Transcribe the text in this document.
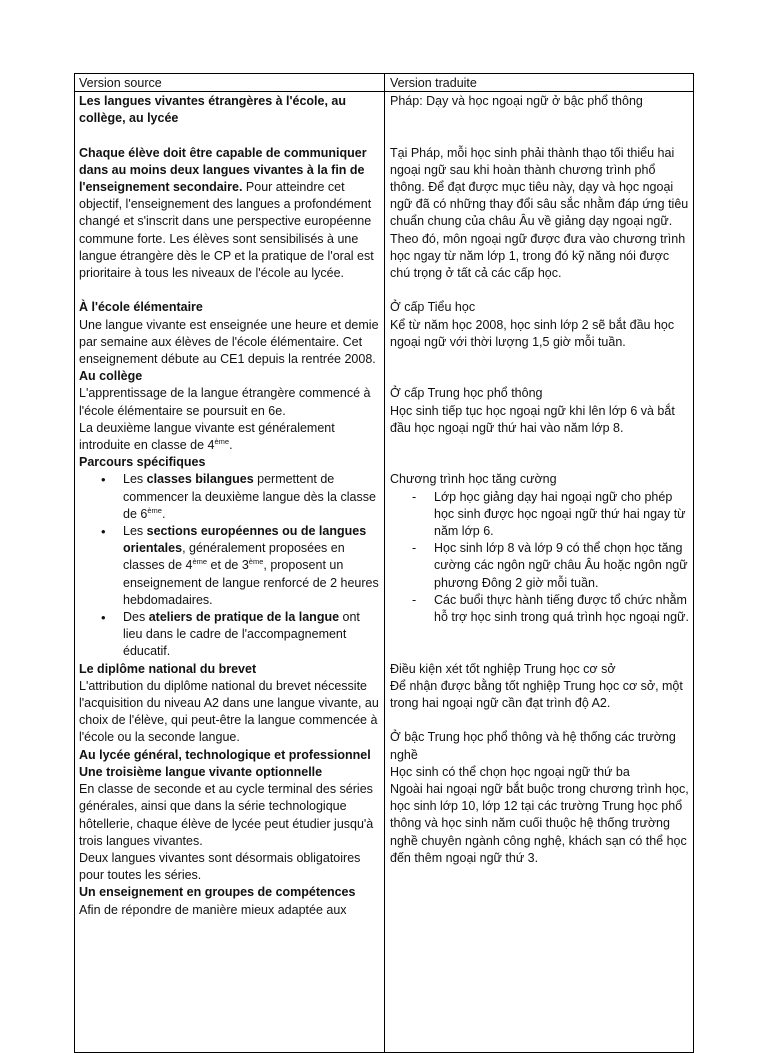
Version source	Version traduite

Les langues vivantes étrangères à l'école, au collège, au lycée

Chaque élève doit être capable de communiquer dans au moins deux langues vivantes à la fin de l'enseignement secondaire. Pour atteindre cet objectif, l'enseignement des langues a profondément changé et s'inscrit dans une perspective européenne commune forte. Les élèves sont sensibilisés à une langue étrangère dès le CP et la pratique de l'oral est prioritaire à tous les niveaux de l'école au lycée.

À l'école élémentaire

Une langue vivante est enseignée une heure et demie par semaine aux élèves de l'école élémentaire. Cet enseignement débute au CE1 depuis la rentrée 2008.

Au collège

L'apprentissage de la langue étrangère commencé à l'école élémentaire se poursuit en 6e.

La deuxième langue vivante est généralement introduite en classe de 4ème.

Parcours spécifiques

• Les classes bilangues permettent de commencer la deuxième langue dès la classe de 6ème.
• Les sections européennes ou de langues orientales, généralement proposées en classes de 4ème et de 3ème, proposent un enseignement de langue renforcé de 2 heures hebdomadaires.
• Des ateliers de pratique de la langue ont lieu dans le cadre de l'accompagnement éducatif.

Le diplôme national du brevet

L'attribution du diplôme national du brevet nécessite l'acquisition du niveau A2 dans une langue vivante, au choix de l'élève, qui peut-être la langue commencée à l'école ou la seconde langue.

Au lycée général, technologique et professionnel

Une troisième langue vivante optionnelle

En classe de seconde et au cycle terminal des séries générales, ainsi que dans la série technologique hôtellerie, chaque élève de lycée peut étudier jusqu'à trois langues vivantes.

Deux langues vivantes sont désormais obligatoires pour toutes les séries.

Un enseignement en groupes de compétences

Afin de répondre de manière mieux adaptée aux

Pháp: Dạy và học ngoại ngữ ở bậc phổ thông

Tại Pháp, mỗi học sinh phải thành thạo tối thiểu hai ngoại ngữ sau khi hoàn thành chương trình phổ thông. Để đạt được mục tiêu này, dạy và học ngoại ngữ đã có những thay đổi sâu sắc nhằm đáp ứng tiêu chuẩn chung của châu Âu về giảng dạy ngoại ngữ. Theo đó, môn ngoại ngữ được đưa vào chương trình học ngay từ năm lớp 1, trong đó kỹ năng nói được chú trọng ở tất cả các cấp học.

Ở cấp Tiểu học

Kể từ năm học 2008, học sinh lớp 2 sẽ bắt đầu học ngoại ngữ với thời lượng 1,5 giờ mỗi tuần.

Ở cấp Trung học phổ thông

Học sinh tiếp tục học ngoại ngữ khi lên lớp 6 và bắt đầu học ngoại ngữ thứ hai vào năm lớp 8.

Chương trình học tăng cường

- Lớp học giảng dạy hai ngoại ngữ cho phép học sinh được học ngoại ngữ thứ hai ngay từ năm lớp 6.
- Học sinh lớp 8 và lớp 9 có thể chọn học tăng cường các ngôn ngữ châu Âu hoặc ngôn ngữ phương Đông 2 giờ mỗi tuần.
- Các buổi thực hành tiếng được tổ chức nhằm hỗ trợ học sinh trong quá trình học ngoại ngữ.

Điều kiện xét tốt nghiệp Trung học cơ sở

Để nhận được bằng tốt nghiệp Trung học cơ sở, một trong hai ngoại ngữ cần đạt trình độ A2.

Ở bậc Trung học phổ thông và hệ thống các trường nghề

Học sinh có thể chọn học ngoại ngữ thứ ba

Ngoài hai ngoại ngữ bắt buộc trong chương trình học, học sinh lớp 10, lớp 12 tại các trường Trung học phổ thông và học sinh năm cuối thuộc hệ thống trường nghề chuyên ngành công nghệ, khách sạn có thể học đến thêm ngoại ngữ thứ 3.
